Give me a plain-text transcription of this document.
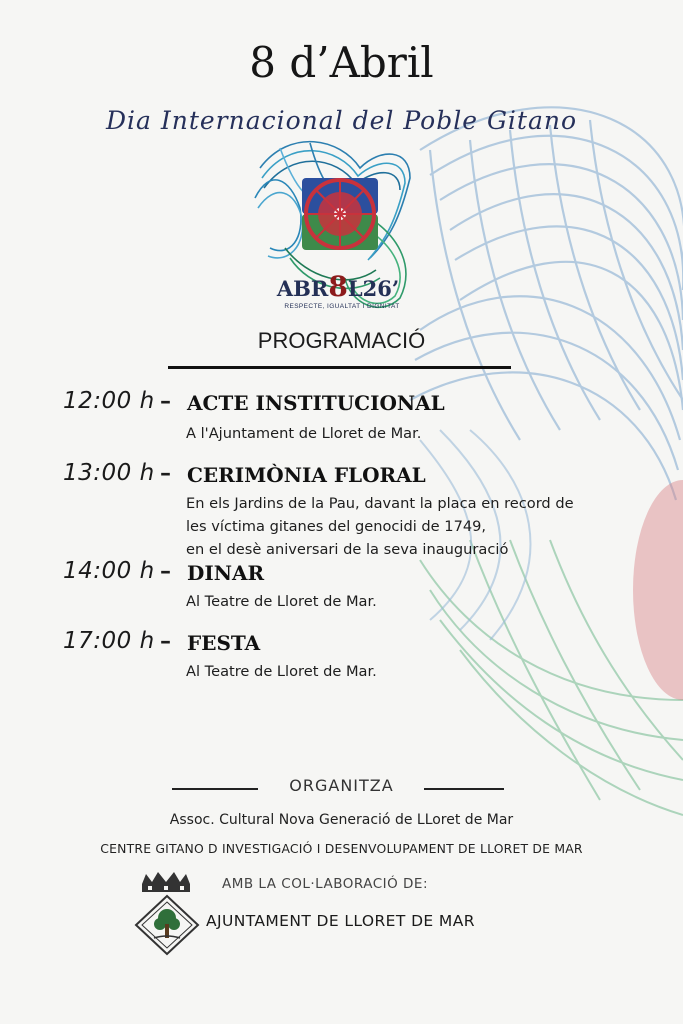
8 d’Abril
Dia Internacional del Poble Gitano
ABR8L26’
RESPECTE, IGUALTAT I DIGNITAT
PROGRAMACIÓ
12:00 h – ACTE INSTITUCIONAL
A l'Ajuntament de Lloret de Mar.
13:00 h – CERIMÒNIA FLORAL
En els Jardins de la Pau, davant la placa en record de
les víctima gitanes del genocidi de 1749,
en el desè aniversari de la seva inauguració
14:00 h – DINAR
Al Teatre de Lloret de Mar.
17:00 h – FESTA
Al Teatre de Lloret de Mar.
ORGANITZA
Assoc. Cultural Nova Generació de LLoret de Mar
CENTRE GITANO D INVESTIGACIÓ I DESENVOLUPAMENT DE LLORET DE MAR
AMB LA COL·LABORACIÓ DE:
AJUNTAMENT DE LLORET DE MAR
